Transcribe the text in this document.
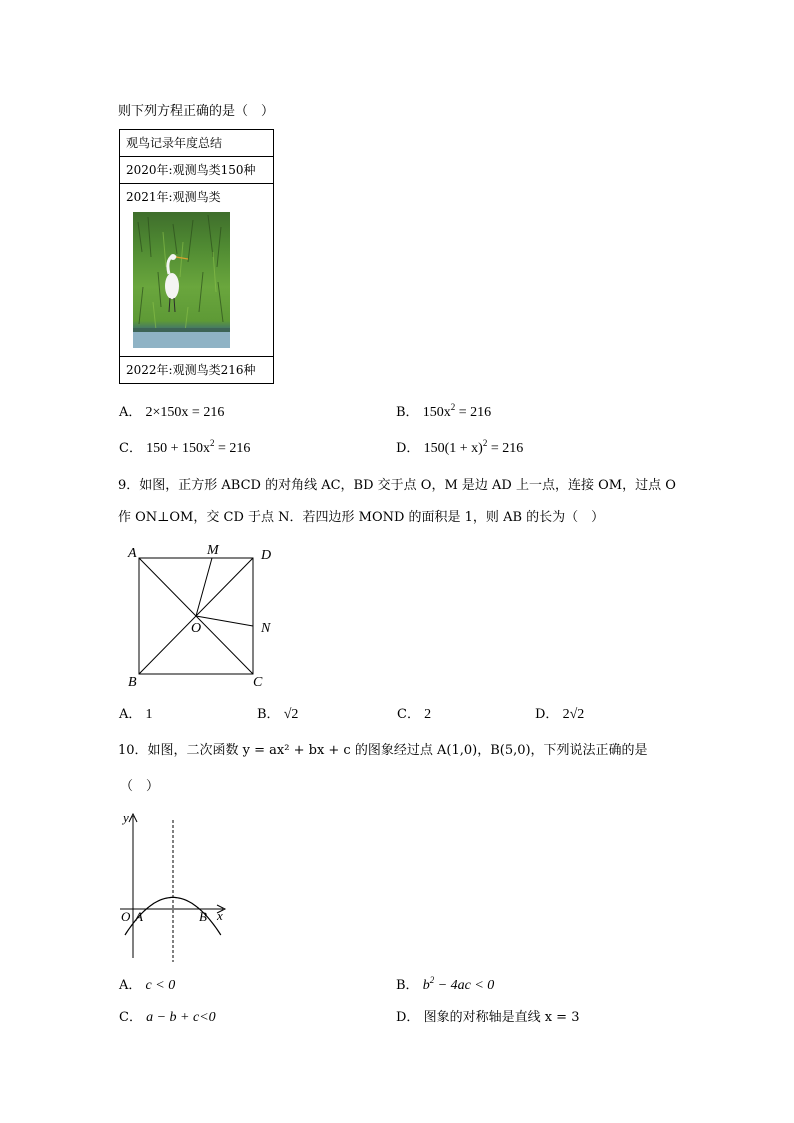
则下列方程正确的是（　）
观鸟记录年度总结
2020年:观测鸟类150种

2021年:观测鸟类

2022年:观测鸟类216种
A． 2×150x = 216	B． $150x^2 = 216$
C． $150 + 150x^2 = 216$	D． $150(1 + x)^2 = 216$
9．如图，正方形 ABCD 的对角线 AC，BD 交于点 O，M 是边 AD 上一点，连接 OM，过点 O
作 ON⊥OM，交 CD 于点 N．若四边形 MOND 的面积是 1，则 AB 的长为（　）
A	M	D
O	N
B	C
A． 1	B． √2	C． 2	D． 2√2
10．如图，二次函数 y = ax² + bx + c 的图象经过点 A(1,0)，B(5,0)，下列说法正确的是
（　）
y
x
O A	B
A． c < 0	B． $b^2 - 4ac < 0$
C． a − b + c<0	D． 图象的对称轴是直线 x = 3
